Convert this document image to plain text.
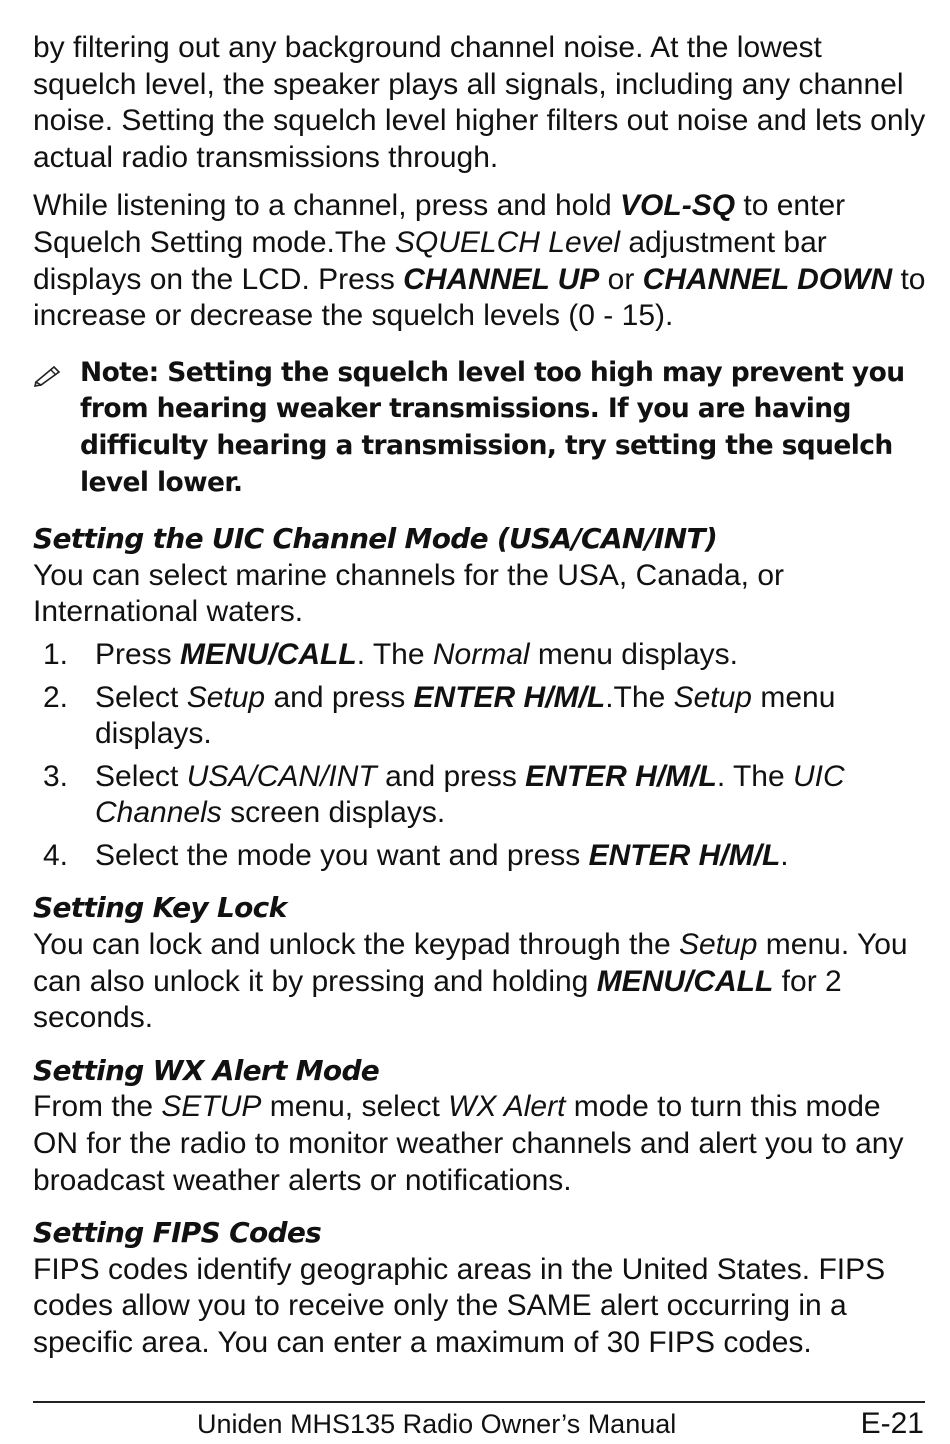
by filtering out any background channel noise. At the lowest squelch level, the speaker plays all signals, including any channel noise. Setting the squelch level higher filters out noise and lets only actual radio transmissions through.

While listening to a channel, press and hold VOL-SQ to enter Squelch Setting mode.The SQUELCH Level adjustment bar displays on the LCD. Press CHANNEL UP or CHANNEL DOWN to increase or decrease the squelch levels (0 - 15).

Note: Setting the squelch level too high may prevent you from hearing weaker transmissions. If you are having difficulty hearing a transmission, try setting the squelch level lower.

Setting the UIC Channel Mode (USA/CAN/INT)

You can select marine channels for the USA, Canada, or International waters.

1. Press MENU/CALL. The Normal menu displays.
2. Select Setup and press ENTER H/M/L.The Setup menu displays.
3. Select USA/CAN/INT and press ENTER H/M/L. The UIC Channels screen displays.
4. Select the mode you want and press ENTER H/M/L.

Setting Key Lock

You can lock and unlock the keypad through the Setup menu. You can also unlock it by pressing and holding MENU/CALL for 2 seconds.

Setting WX Alert Mode

From the SETUP menu, select WX Alert mode to turn this mode ON for the radio to monitor weather channels and alert you to any broadcast weather alerts or notifications.

Setting FIPS Codes

FIPS codes identify geographic areas in the United States. FIPS codes allow you to receive only the SAME alert occurring in a specific area. You can enter a maximum of 30 FIPS codes.

Uniden MHS135 Radio Owner’s Manual	E-21
